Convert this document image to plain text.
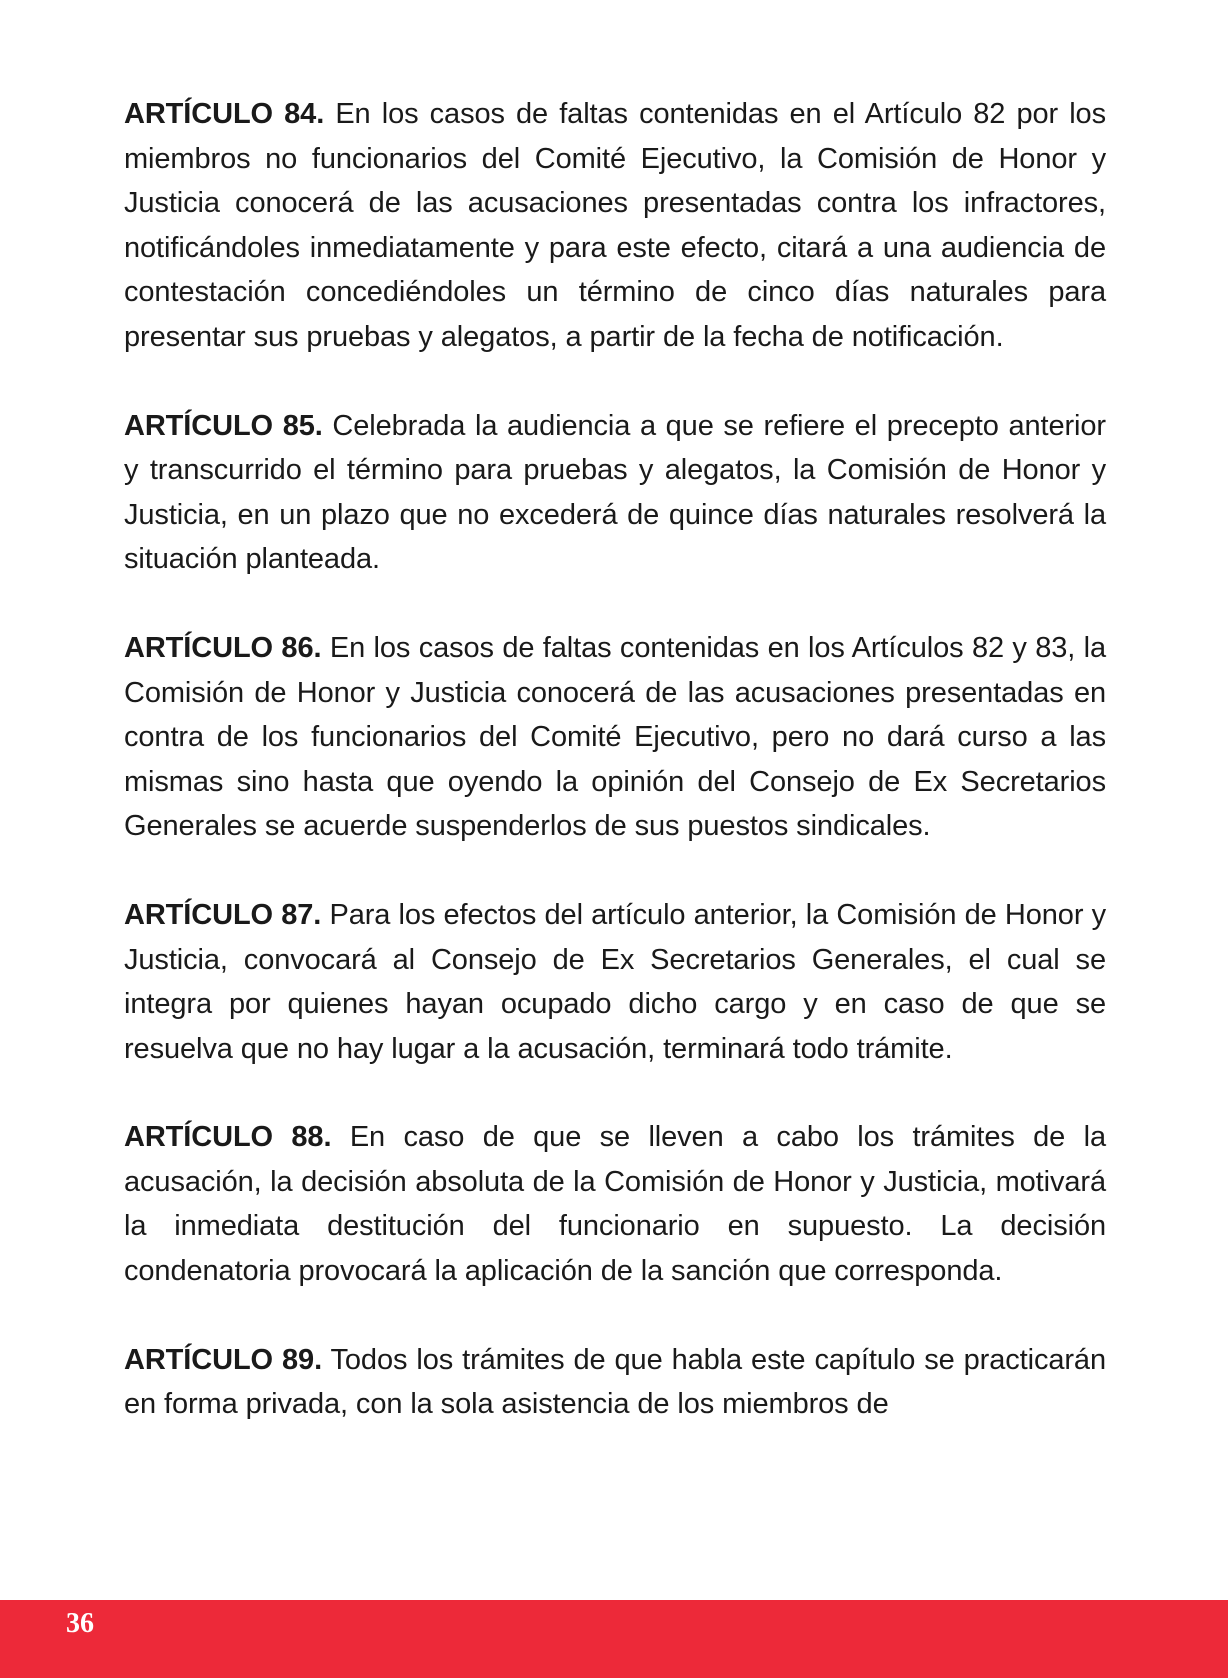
ARTÍCULO 84. En los casos de faltas contenidas en el Artículo 82 por los miembros no funcionarios del Comité Ejecutivo, la Comisión de Honor y Justicia conocerá de las acusaciones presentadas contra los infractores, notificándoles inmediatamente y para este efecto, citará a una audiencia de contestación concediéndoles un término de cinco días naturales para presentar sus pruebas y alegatos, a partir de la fecha de notificación.

ARTÍCULO 85. Celebrada la audiencia a que se refiere el precepto anterior y transcurrido el término para pruebas y alegatos, la Comisión de Honor y Justicia, en un plazo que no excederá de quince días naturales resolverá la situación planteada.

ARTÍCULO 86. En los casos de faltas contenidas en los Artículos 82 y 83, la Comisión de Honor y Justicia conocerá de las acusaciones presentadas en contra de los funcionarios del Comité Ejecutivo, pero no dará curso a las mismas sino hasta que oyendo la opinión del Consejo de Ex Secretarios Generales se acuerde suspenderlos de sus puestos sindicales.

ARTÍCULO 87. Para los efectos del artículo anterior, la Comisión de Honor y Justicia, convocará al Consejo de Ex Secretarios Generales, el cual se integra por quienes hayan ocupado dicho cargo y en caso de que se resuelva que no hay lugar a la acusación, terminará todo trámite.

ARTÍCULO 88. En caso de que se lleven a cabo los trámites de la acusación, la decisión absoluta de la Comisión de Honor y Justicia, motivará la inmediata destitución del funcionario en supuesto. La decisión condenatoria provocará la aplicación de la sanción que corresponda.

ARTÍCULO 89. Todos los trámites de que habla este capítulo se practicarán en forma privada, con la sola asistencia de los miembros de

36
